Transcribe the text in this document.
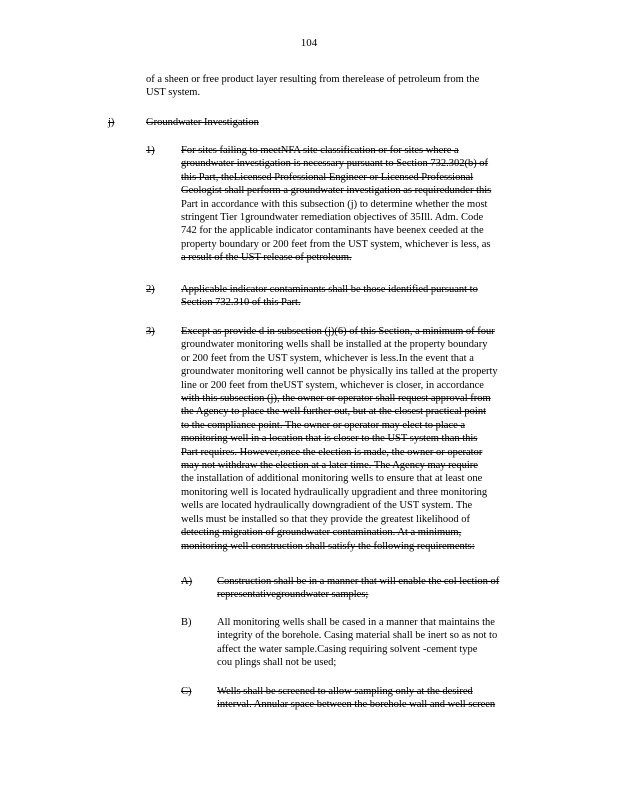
104
of a sheen or free product layer resulting from therelease of petroleum from the
UST system.
j)	Groundwater Investigation
1)	For sites failing to meetNFA site classification or for sites where a
groundwater investigation is necessary pursuant to Section 732.302(b) of
this Part, theLicensed Professional Engineer or Licensed Professional
Geologist shall perform a groundwater investigation as requiredunder this
Part in accordance with this subsection (j) to determine whether the most
stringent Tier 1groundwater remediation objectives of 35Ill. Adm. Code
742 for the applicable indicator contaminants have beenex ceeded at the
property boundary or 200 feet from the UST system, whichever is less, as
a result of the UST release of petroleum.
2)	Applicable indicator contaminants shall be those identified pursuant to
Section 732.310 of this Part.
3)	Except as provide d in subsection (j)(6) of this Section, a minimum of four
groundwater monitoring wells shall be installed at the property boundary
or 200 feet from the UST system, whichever is less.In the event that a
groundwater monitoring well cannot be physically ins talled at the property
line or 200 feet from theUST system, whichever is closer, in accordance
with this subsection (j), the owner or operator shall request approval from
the Agency to place the well further out, but at the closest practical point
to the compliance point. The owner or operator may elect to place a
monitoring well in a location that is closer to the UST system than this
Part requires. However,once the election is made, the owner or operator
may not withdraw the election at a later time. The Agency may require
the installation of additional monitoring wells to ensure that at least one
monitoring well is located hydraulically upgradient and three monitoring
wells are located hydraulically downgradient of the UST system. The
wells must be installed so that they provide the greatest likelihood of
detecting migration of groundwater contamination. At a minimum,
monitoring well construction shall satisfy the following requirements:
A) Construction shall be in a manner that will enable the col lection of
representativegroundwater samples;
B) All monitoring wells shall be cased in a manner that maintains the
integrity of the borehole. Casing material shall be inert so as not to
affect the water sample.Casing requiring solvent -cement type
cou plings shall not be used;
C) Wells shall be screened to allow sampling only at the desired
interval. Annular space between the borehole wall and well screen
